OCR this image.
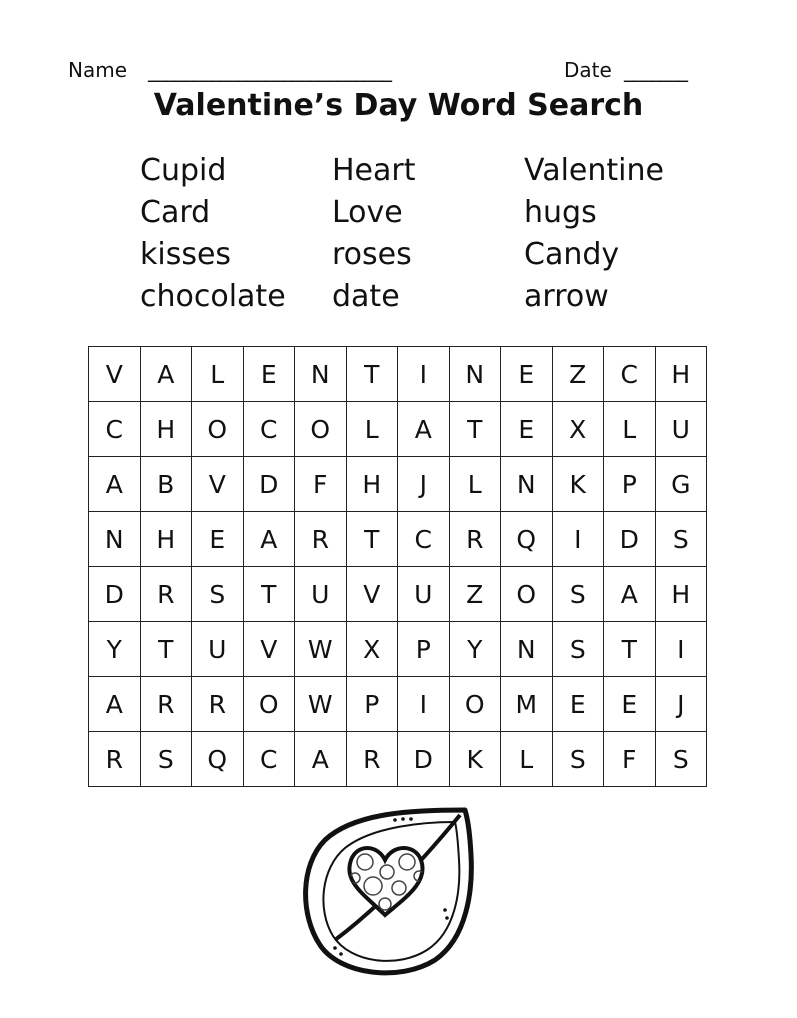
Name ___________________________	Date _______
Valentine’s Day Word Search
Cupid
Card
kisses
chocolate
Heart
Love
roses
date
Valentine
hugs
Candy
arrow
V	A	L	E	N	T	I	N	E	Z	C	H
C	H	O	C	O	L	A	T	E	X	L	U
A	B	V	D	F	H	J	L	N	K	P	G
N	H	E	A	R	T	C	R	Q	I	D	S
D	R	S	T	U	V	U	Z	O	S	A	H
Y	T	U	V	W	X	P	Y	N	S	T	I
A	R	R	O	W	P	I	O	M	E	E	J
R	S	Q	C	A	R	D	K	L	S	F	S
